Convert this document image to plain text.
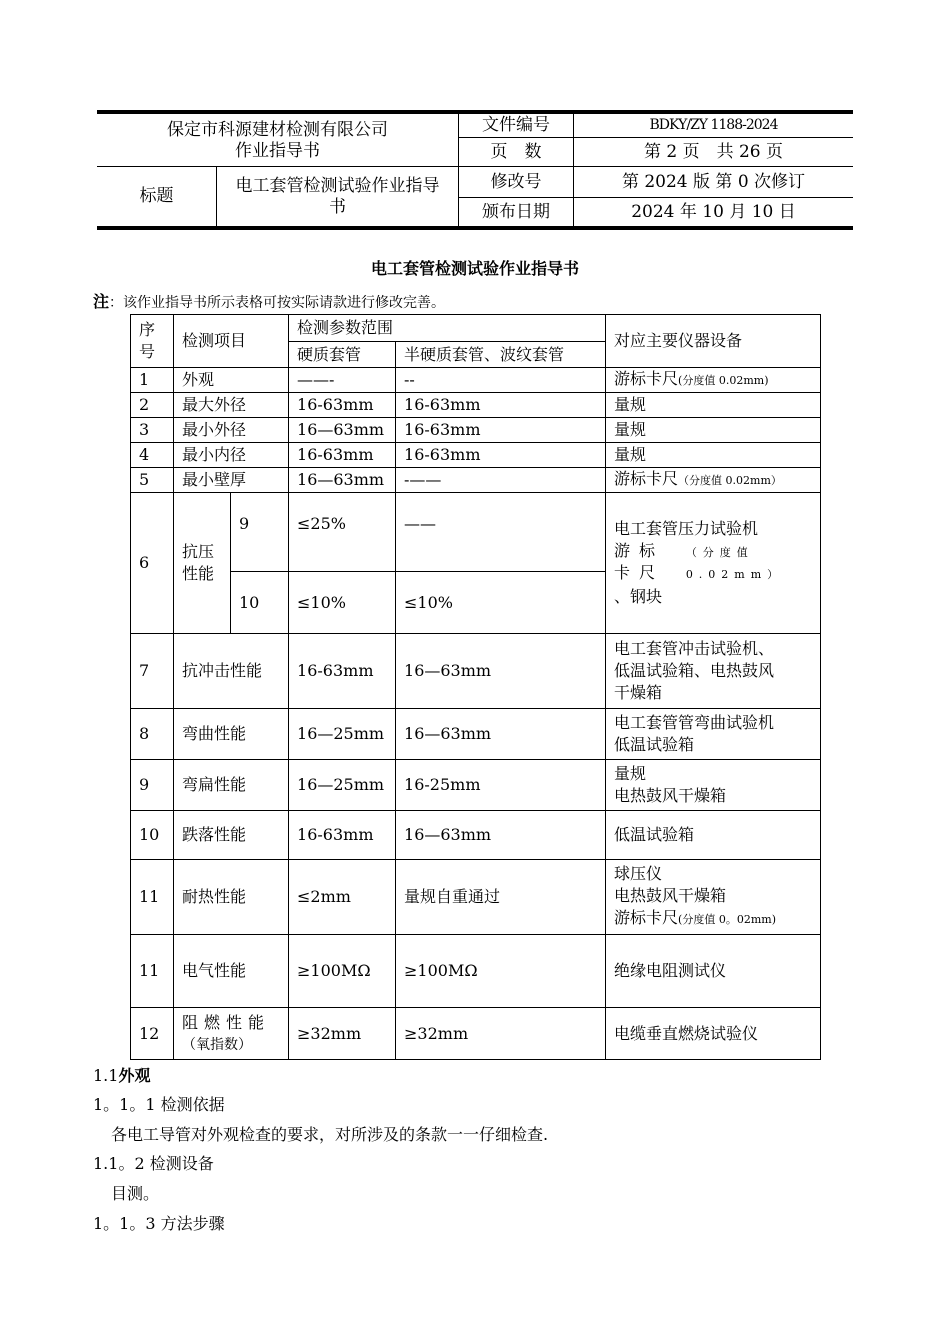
保定市科源建材检测有限公司
作业指导书
标题
电工套管检测试验作业指导书
文件编号	BDKY/ZY 1188-2024
页　数	第 2 页　共 26 页
修改号	第 2024 版 第 0 次修订
颁布日期	2024 年 10 月 10 日
电工套管检测试验作业指导书
注：该作业指导书所示表格可按实际请款进行修改完善。
序号	检测项目		检测参数范围		对应主要仪器设备
			硬质套管	半硬质套管、波纹套管	
1	外观		——-	--	游标卡尺(分度值 0.02mm)
2	最大外径		16-63mm	16-63mm	量规
3	最小外径		16—63mm	16-63mm	量规
4	最小内径		16-63mm	16-63mm	量规
5	最小壁厚		16—63mm	-——	游标卡尺（分度值 0.02mm）
6	抗压性能	9	≤25%	——	电工套管压力试验机
游标卡尺
（分度值 0.02mm）
、钢块

		10	≤10%	≤10%	
7	抗冲击性能		16-63mm	16—63mm	电工套管冲击试验机、
低温试验箱、电热鼓风
干燥箱

8	弯曲性能		16—25mm	16—63mm	电工套管管弯曲试验机
低温试验箱

9	弯扁性能		16—25mm	16-25mm	量规
电热鼓风干燥箱

10	跌落性能		16-63mm	16—63mm	低温试验箱
11	耐热性能		≤2mm	量规自重通过	球压仪
电热鼓风干燥箱
游标卡尺(分度值 0。02mm)

11	电气性能		≥100MΩ	≥100MΩ	绝缘电阻测试仪
12	阻燃性能
（氧指数）		≥32mm	≥32mm	电缆垂直燃烧试验仪
1.1外观
1。1。1 检测依据
各电工导管对外观检查的要求，对所涉及的条款一一仔细检查.
1.1。2 检测设备
目测。
1。1。3 方法步骤
